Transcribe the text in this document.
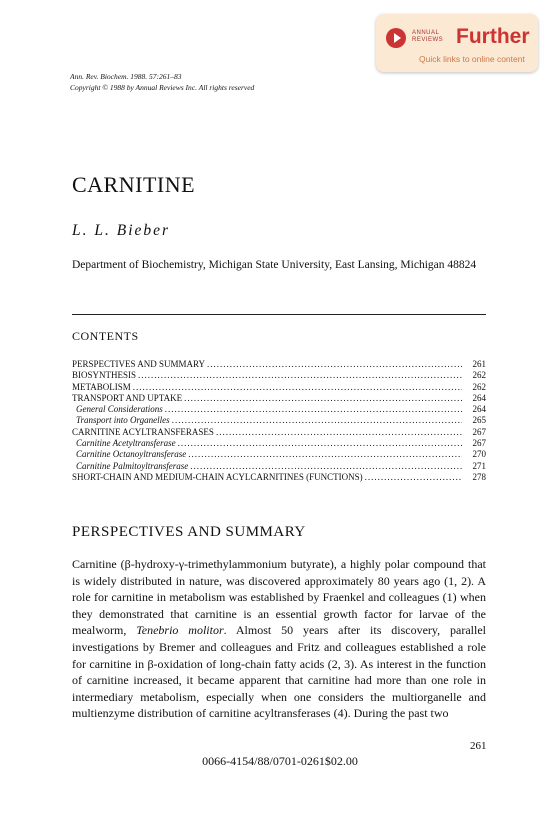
ANNUAL
REVIEWS Further
Quick links to online content
Ann. Rev. Biochem. 1988. 57:261–83
Copyright © 1988 by Annual Reviews Inc. All rights reserved
CARNITINE
L. L. Bieber
Department of Biochemistry, Michigan State University, East Lansing, Michigan 48824
CONTENTS
PERSPECTIVES AND SUMMARY .....	261
BIOSYNTHESIS .....	262
METABOLISM .....	262
TRANSPORT AND UPTAKE .....	264
General Considerations .....	264
Transport into Organelles .....	265
CARNITINE ACYLTRANSFERASES .....	267
Carnitine Acetyltransferase .....	267
Carnitine Octanoyltransferase .....	270
Carnitine Palmitoyltransferase .....	271
SHORT-CHAIN AND MEDIUM-CHAIN ACYLCARNITINES (FUNCTIONS) .....	278
PERSPECTIVES AND SUMMARY
Carnitine (β-hydroxy-γ-trimethylammonium butyrate), a highly polar compound that is widely distributed in nature, was discovered approximately 80 years ago (1, 2). A role for carnitine in metabolism was established by Fraenkel and colleagues (1) when they demonstrated that carnitine is an essential growth factor for larvae of the mealworm, Tenebrio molitor. Almost 50 years after its discovery, parallel investigations by Bremer and colleagues and Fritz and colleagues established a role for carnitine in β-oxidation of long-chain fatty acids (2, 3). As interest in the function of carnitine increased, it became apparent that carnitine had more than one role in intermediary metabolism, especially when one considers the multiorganelle and multienzyme distribution of carnitine acyltransferases (4). During the past two
261
0066-4154/88/0701-0261$02.00
